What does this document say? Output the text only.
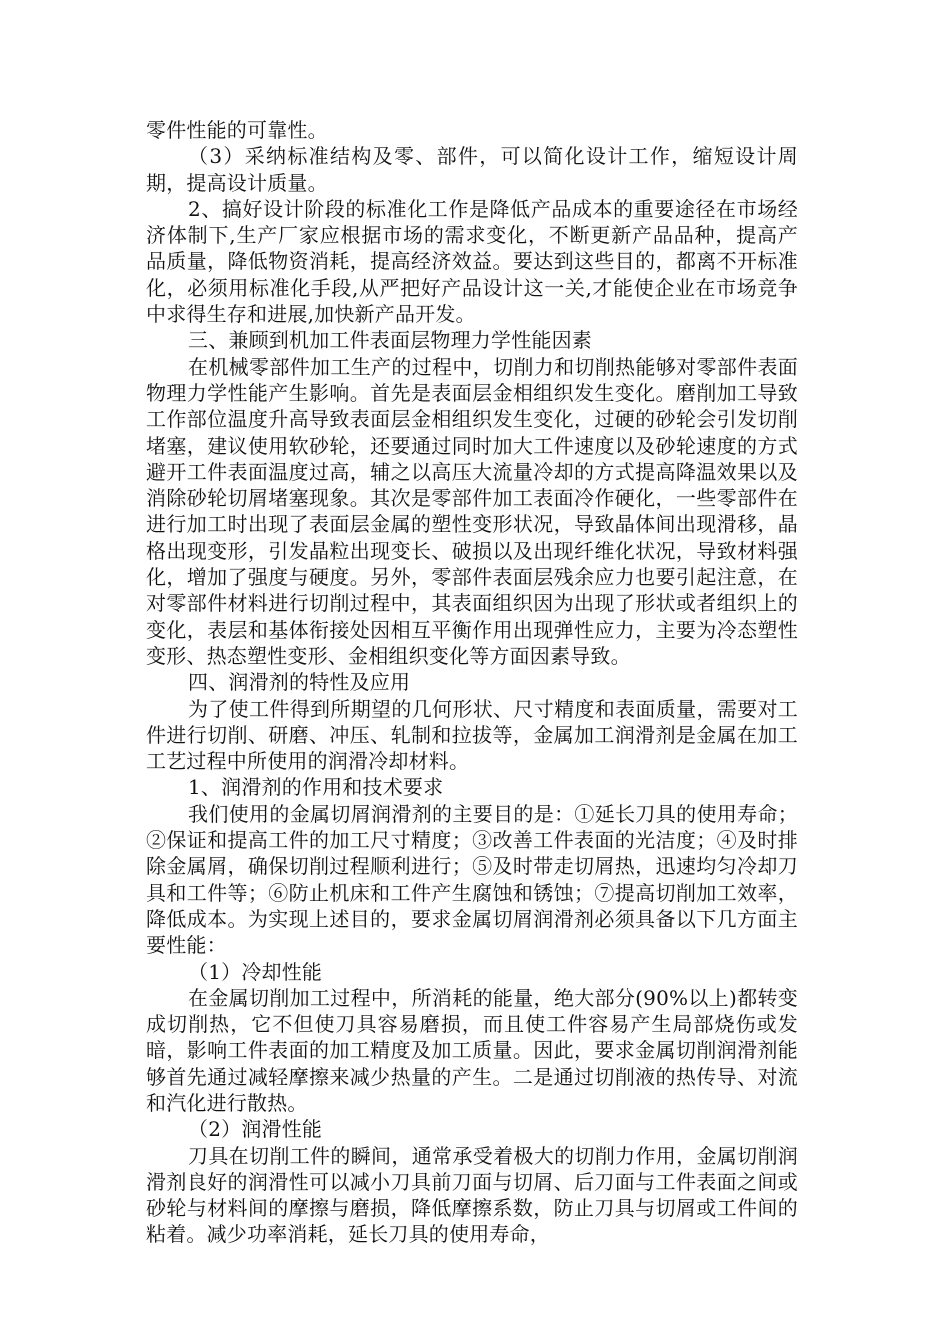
零件性能的可靠性。

（3）采纳标准结构及零、部件，可以简化设计工作，缩短设计周期，提高设计质量。

2、搞好设计阶段的标准化工作是降低产品成本的重要途径在市场经济体制下,生产厂家应根据市场的需求变化，不断更新产品品种，提高产品质量，降低物资消耗，提高经济效益。要达到这些目的，都离不开标准化，必须用标准化手段,从严把好产品设计这一关,才能使企业在市场竞争中求得生存和进展,加快新产品开发。

三、兼顾到机加工件表面层物理力学性能因素

在机械零部件加工生产的过程中，切削力和切削热能够对零部件表面物理力学性能产生影响。首先是表面层金相组织发生变化。磨削加工导致工作部位温度升高导致表面层金相组织发生变化，过硬的砂轮会引发切削堵塞，建议使用软砂轮，还要通过同时加大工件速度以及砂轮速度的方式避开工件表面温度过高，辅之以高压大流量冷却的方式提高降温效果以及消除砂轮切屑堵塞现象。其次是零部件加工表面冷作硬化，一些零部件在进行加工时出现了表面层金属的塑性变形状况，导致晶体间出现滑移，晶格出现变形，引发晶粒出现变长、破损以及出现纤维化状况，导致材料强化，增加了强度与硬度。另外，零部件表面层残余应力也要引起注意，在对零部件材料进行切削过程中，其表面组织因为出现了形状或者组织上的变化，表层和基体衔接处因相互平衡作用出现弹性应力，主要为冷态塑性变形、热态塑性变形、金相组织变化等方面因素导致。

四、润滑剂的特性及应用

为了使工件得到所期望的几何形状、尺寸精度和表面质量，需要对工件进行切削、研磨、冲压、轧制和拉拔等，金属加工润滑剂是金属在加工工艺过程中所使用的润滑冷却材料。

1、润滑剂的作用和技术要求

我们使用的金属切屑润滑剂的主要目的是：①延长刀具的使用寿命；②保证和提高工件的加工尺寸精度；③改善工件表面的光洁度；④及时排除金属屑，确保切削过程顺利进行；⑤及时带走切屑热，迅速均匀冷却刀具和工件等；⑥防止机床和工件产生腐蚀和锈蚀；⑦提高切削加工效率，降低成本。为实现上述目的，要求金属切屑润滑剂必须具备以下几方面主要性能：

（1）冷却性能

在金属切削加工过程中，所消耗的能量，绝大部分(90%以上)都转变成切削热，它不但使刀具容易磨损，而且使工件容易产生局部烧伤或发暗，影响工件表面的加工精度及加工质量。因此，要求金属切削润滑剂能够首先通过减轻摩擦来减少热量的产生。二是通过切削液的热传导、对流和汽化进行散热。

（2）润滑性能

刀具在切削工件的瞬间，通常承受着极大的切削力作用，金属切削润滑剂良好的润滑性可以减小刀具前刀面与切屑、后刀面与工件表面之间或砂轮与材料间的摩擦与磨损，降低摩擦系数，防止刀具与切屑或工件间的粘着。减少功率消耗，延长刀具的使用寿命，
